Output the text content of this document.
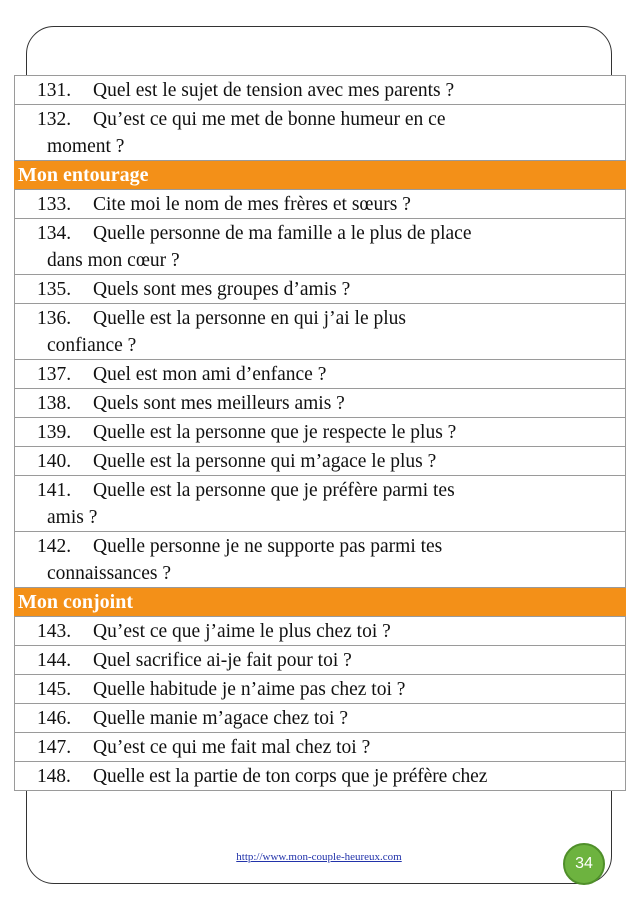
131. Quel est le sujet de tension avec mes parents ?
132. Qu’est ce qui me met de bonne humeur en ce
moment ?
Mon entourage
133. Cite moi le nom de mes frères et sœurs ?
134. Quelle personne de ma famille a le plus de place
dans mon cœur ?
135. Quels sont mes groupes d’amis ?
136. Quelle est la personne en qui j’ai le plus
confiance ?
137. Quel est mon ami d’enfance ?
138. Quels sont mes meilleurs amis ?
139. Quelle est la personne que je respecte le plus ?
140. Quelle est la personne qui m’agace le plus ?
141. Quelle est la personne que je préfère parmi tes
amis ?
142. Quelle personne je ne supporte pas parmi tes
connaissances ?
Mon conjoint
143. Qu’est ce que j’aime le plus chez toi ?
144. Quel sacrifice ai-je fait pour toi ?
145. Quelle habitude je n’aime pas chez toi ?
146. Quelle manie m’agace chez toi ?
147. Qu’est ce qui me fait mal chez toi ?
148. Quelle est la partie de ton corps que je préfère chez
http://www.mon-couple-heureux.com	34
